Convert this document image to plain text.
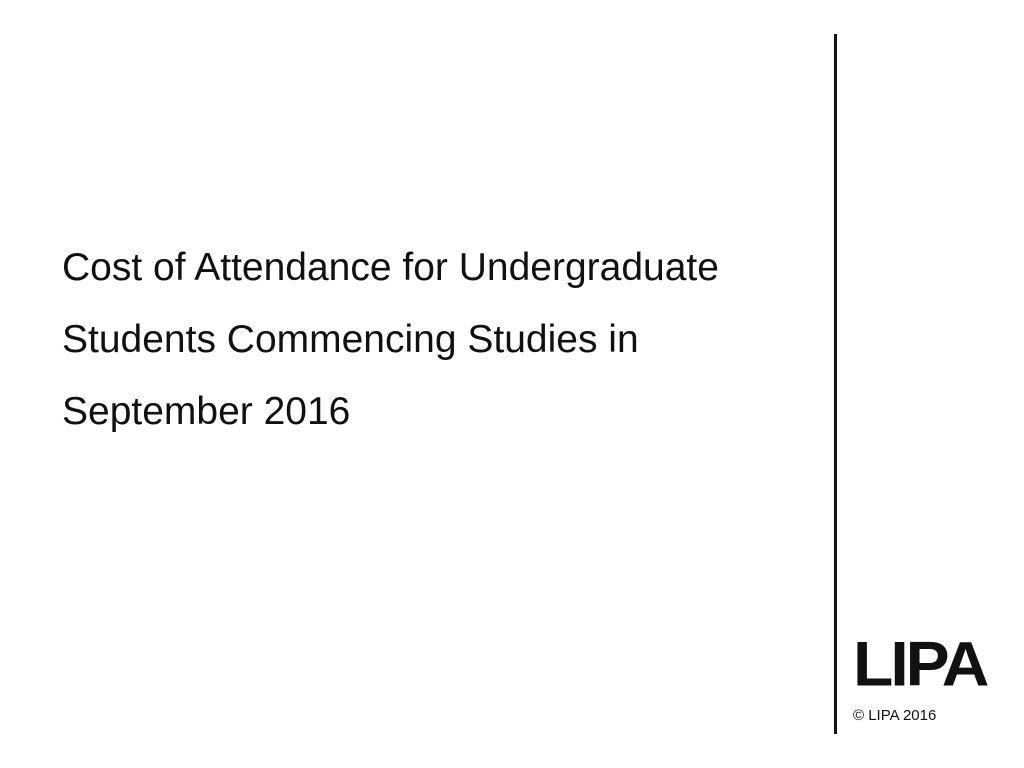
Cost of Attendance for Undergraduate
Students Commencing Studies in
September 2016
LIPA
© LIPA 2016
